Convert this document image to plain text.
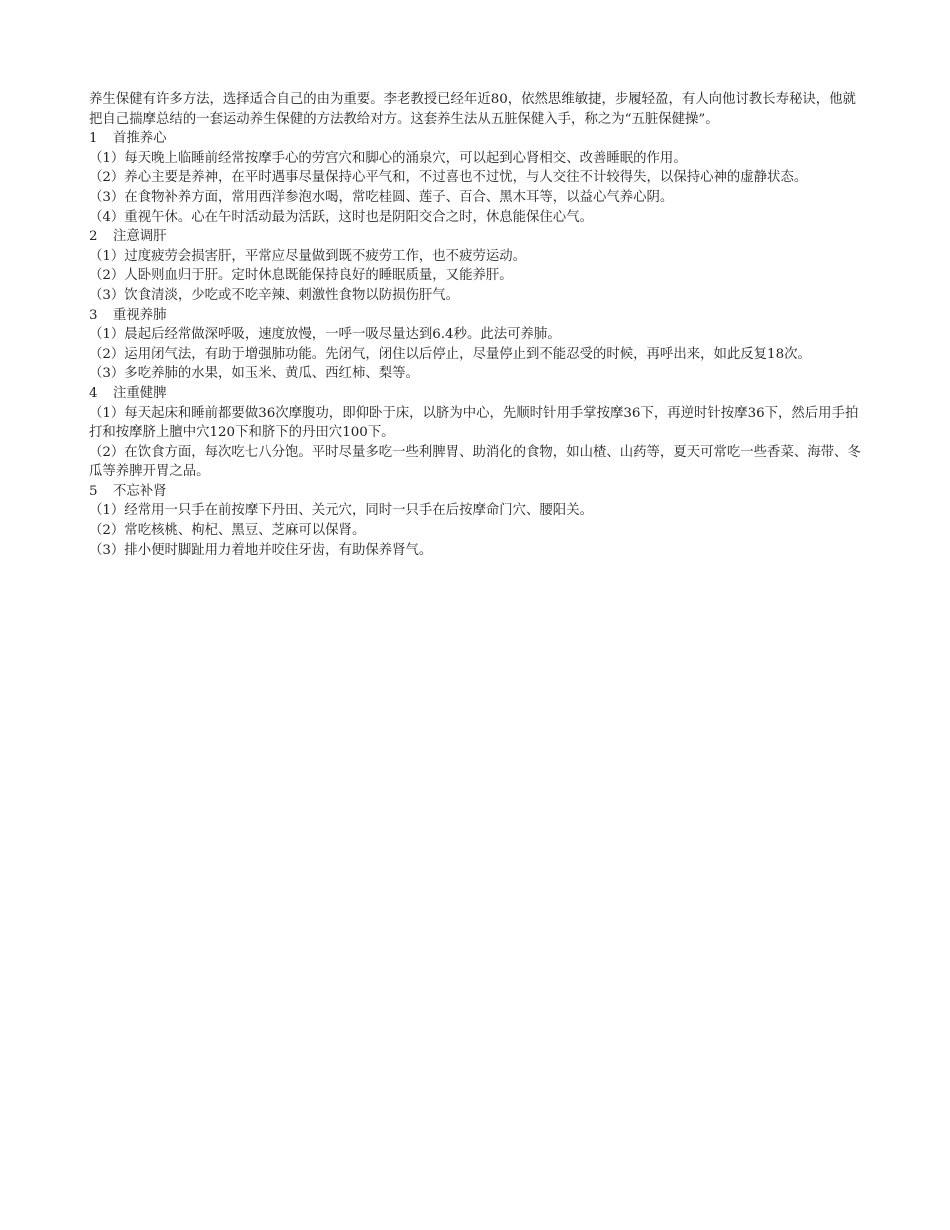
养生保健有许多方法，选择适合自己的由为重要。李老教授已经年近80，依然思维敏捷，步履轻盈，有人向他讨教长寿秘诀，他就把自己揣摩总结的一套运动养生保健的方法教给对方。这套养生法从五脏保健入手，称之为“五脏保健操”。

1 首推养心

（1）每天晚上临睡前经常按摩手心的劳宫穴和脚心的涌泉穴，可以起到心肾相交、改善睡眠的作用。

（2）养心主要是养神，在平时遇事尽量保持心平气和，不过喜也不过忧，与人交往不计较得失，以保持心神的虚静状态。

（3）在食物补养方面，常用西洋参泡水喝，常吃桂圆、莲子、百合、黑木耳等，以益心气养心阴。

（4）重视午休。心在午时活动最为活跃，这时也是阴阳交合之时，休息能保住心气。

2 注意调肝

（1）过度疲劳会损害肝，平常应尽量做到既不疲劳工作，也不疲劳运动。

（2）人卧则血归于肝。定时休息既能保持良好的睡眠质量，又能养肝。

（3）饮食清淡，少吃或不吃辛辣、刺激性食物以防损伤肝气。

3 重视养肺

（1）晨起后经常做深呼吸，速度放慢，一呼一吸尽量达到6.4秒。此法可养肺。

（2）运用闭气法，有助于增强肺功能。先闭气，闭住以后停止，尽量停止到不能忍受的时候，再呼出来，如此反复18次。

（3）多吃养肺的水果，如玉米、黄瓜、西红柿、梨等。

4 注重健脾

（1）每天起床和睡前都要做36次摩腹功，即仰卧于床，以脐为中心，先顺时针用手掌按摩36下，再逆时针按摩36下，然后用手拍打和按摩脐上膻中穴120下和脐下的丹田穴100下。

（2）在饮食方面，每次吃七八分饱。平时尽量多吃一些利脾胃、助消化的食物，如山楂、山药等，夏天可常吃一些香菜、海带、冬瓜等养脾开胃之品。

5 不忘补肾

（1）经常用一只手在前按摩下丹田、关元穴，同时一只手在后按摩命门穴、腰阳关。

（2）常吃核桃、枸杞、黑豆、芝麻可以保肾。

（3）排小便时脚趾用力着地并咬住牙齿，有助保养肾气。
